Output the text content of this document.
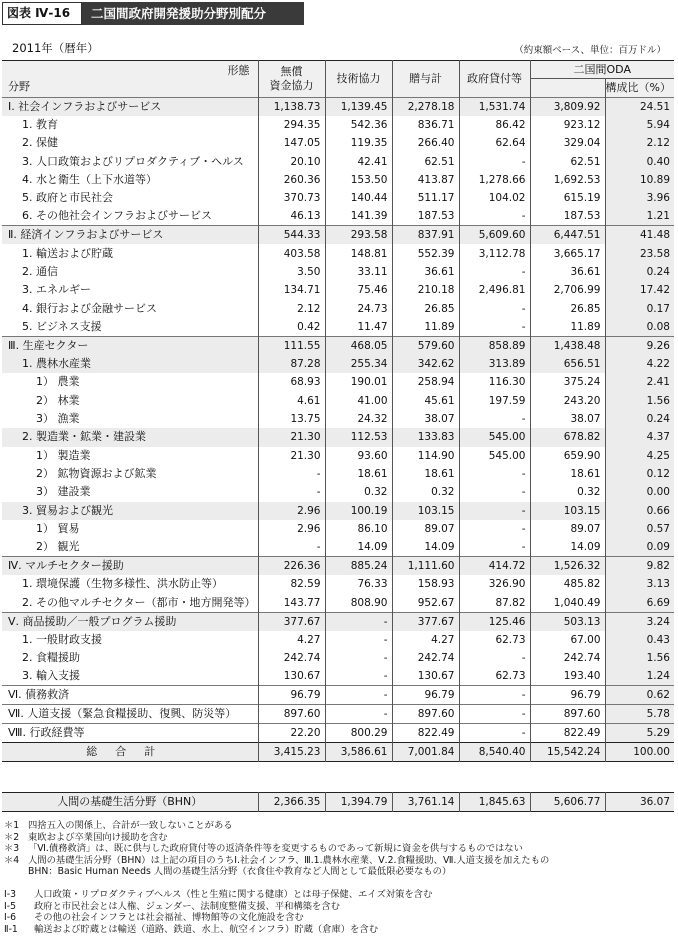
図表 Ⅳ-16	二国間政府開発援助分野別配分
2011年（暦年）	（約束額ベース、単位：百万ドル）
形態
分野	無償
資金協力	技術協力	贈与計	政府貸付等	二国間ODA	
						構成比（%）
Ⅰ. 社会インフラおよびサービス	1,138.73	1,139.45	2,278.18	1,531.74	3,809.92	24.51
1. 教育	294.35	542.36	836.71	86.42	923.12	5.94
2. 保健	147.05	119.35	266.40	62.64	329.04	2.12
3. 人口政策およびリプロダクティブ・ヘルス	20.10	42.41	62.51	-	62.51	0.40
4. 水と衛生（上下水道等）	260.36	153.50	413.87	1,278.66	1,692.53	10.89
5. 政府と市民社会	370.73	140.44	511.17	104.02	615.19	3.96
6. その他社会インフラおよびサービス	46.13	141.39	187.53	-	187.53	1.21
Ⅱ. 経済インフラおよびサービス	544.33	293.58	837.91	5,609.60	6,447.51	41.48
1. 輸送および貯蔵	403.58	148.81	552.39	3,112.78	3,665.17	23.58
2. 通信	3.50	33.11	36.61	-	36.61	0.24
3. エネルギー	134.71	75.46	210.18	2,496.81	2,706.99	17.42
4. 銀行および金融サービス	2.12	24.73	26.85	-	26.85	0.17
5. ビジネス支援	0.42	11.47	11.89	-	11.89	0.08
Ⅲ. 生産セクター	111.55	468.05	579.60	858.89	1,438.48	9.26
1. 農林水産業	87.28	255.34	342.62	313.89	656.51	4.22
1） 農業	68.93	190.01	258.94	116.30	375.24	2.41
2） 林業	4.61	41.00	45.61	197.59	243.20	1.56
3） 漁業	13.75	24.32	38.07	-	38.07	0.24
2. 製造業・鉱業・建設業	21.30	112.53	133.83	545.00	678.82	4.37
1） 製造業	21.30	93.60	114.90	545.00	659.90	4.25
2） 鉱物資源および鉱業	-	18.61	18.61	-	18.61	0.12
3） 建設業	-	0.32	0.32	-	0.32	0.00
3. 貿易および観光	2.96	100.19	103.15	-	103.15	0.66
1） 貿易	2.96	86.10	89.07	-	89.07	0.57
2） 観光	-	14.09	14.09	-	14.09	0.09
Ⅳ. マルチセクター援助	226.36	885.24	1,111.60	414.72	1,526.32	9.82
1. 環境保護（生物多様性、洪水防止等）	82.59	76.33	158.93	326.90	485.82	3.13
2. その他マルチセクター（都市・地方開発等）	143.77	808.90	952.67	87.82	1,040.49	6.69
Ⅴ. 商品援助／一般プログラム援助	377.67	-	377.67	125.46	503.13	3.24
1. 一般財政支援	4.27	-	4.27	62.73	67.00	0.43
2. 食糧援助	242.74	-	242.74	-	242.74	1.56
3. 輸入支援	130.67	-	130.67	62.73	193.40	1.24
Ⅵ. 債務救済	96.79	-	96.79	-	96.79	0.62
Ⅶ. 人道支援（緊急食糧援助、復興、防災等）	897.60	-	897.60	-	897.60	5.78
Ⅷ. 行政経費等	22.20	800.29	822.49	-	822.49	5.29
総合計	3,415.23	3,586.61	7,001.84	8,540.40	15,542.24	100.00
人間の基礎生活分野（BHN）	2,366.35	1,394.79	3,761.14	1,845.63	5,606.77	36.07
＊1 四捨五入の関係上、合計が一致しないことがある
＊2 東欧および卒業国向け援助を含む
＊3 「Ⅵ.債務救済」は、既に供与した政府貸付等の返済条件等を変更するものであって新規に資金を供与するものではない
＊4 人間の基礎生活分野（BHN）は上記の項目のうちⅠ.社会インフラ、Ⅲ.1.農林水産業、Ⅴ.2.食糧援助、Ⅶ.人道支援を加えたもの
BHN：Basic Human Needs 人間の基礎生活分野（衣食住や教育など人間として最低限必要なもの）
Ⅰ-3	人口政策・リプロダクティブヘルス（性と生殖に関する健康）とは母子保健、エイズ対策を含む
Ⅰ-5	政府と市民社会とは人権、ジェンダー、法制度整備支援、平和構築を含む
Ⅰ-6	その他の社会インフラとは社会福祉、博物館等の文化施設を含む
Ⅱ-1	輸送および貯蔵とは輸送（道路、鉄道、水上、航空インフラ）貯蔵（倉庫）を含む
